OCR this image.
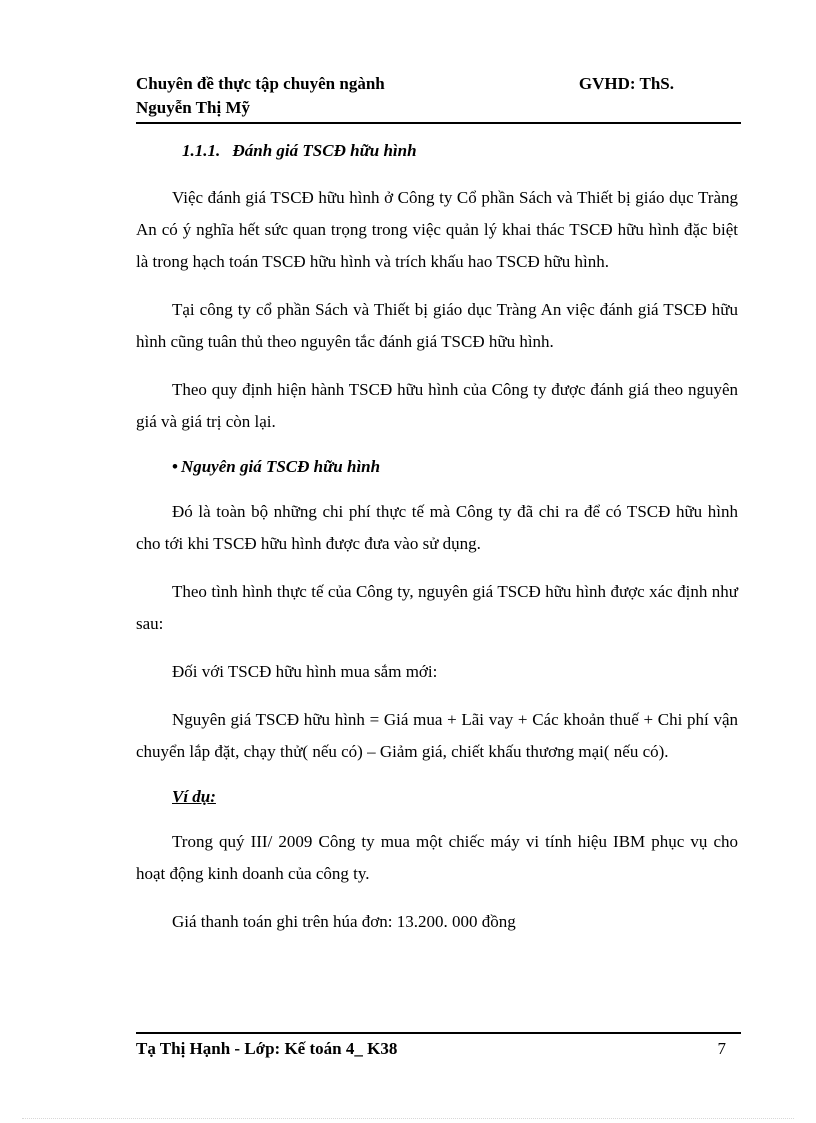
Chuyên đề thực tập chuyên ngành	GVHD: ThS.
Nguyễn Thị Mỹ
1.1.1. Đánh giá TSCĐ hữu hình

Việc đánh giá TSCĐ hữu hình ở Công ty Cổ phần Sách và Thiết bị giáo dục Tràng An có ý nghĩa hết sức quan trọng trong việc quản lý khai thác TSCĐ hữu hình đặc biệt là trong hạch toán TSCĐ hữu hình và trích khấu hao TSCĐ hữu hình.

Tại công ty cổ phần Sách và Thiết bị giáo dục Tràng An việc đánh giá TSCĐ hữu hình cũng tuân thủ theo nguyên tắc đánh giá TSCĐ hữu hình.

Theo quy định hiện hành TSCĐ hữu hình của Công ty được đánh giá theo nguyên giá và giá trị còn lại.

• Nguyên giá TSCĐ hữu hình

Đó là toàn bộ những chi phí thực tế mà Công ty đã chi ra để có TSCĐ hữu hình cho tới khi TSCĐ hữu hình được đưa vào sử dụng.

Theo tình hình thực tế của Công ty, nguyên giá TSCĐ hữu hình được xác định như sau:

Đối với TSCĐ hữu hình mua sắm mới:

Nguyên giá TSCĐ hữu hình = Giá mua + Lãi vay + Các khoản thuế + Chi phí vận chuyển lắp đặt, chạy thử( nếu có) – Giảm giá, chiết khấu thương mại( nếu có).

Ví dụ:

Trong quý III/ 2009 Công ty mua một chiếc máy vi tính hiệu IBM phục vụ cho hoạt động kinh doanh của công ty.

Giá thanh toán ghi trên húa đơn: 13.200. 000 đồng

Tạ Thị Hạnh - Lớp: Kế toán 4_ K38	7
